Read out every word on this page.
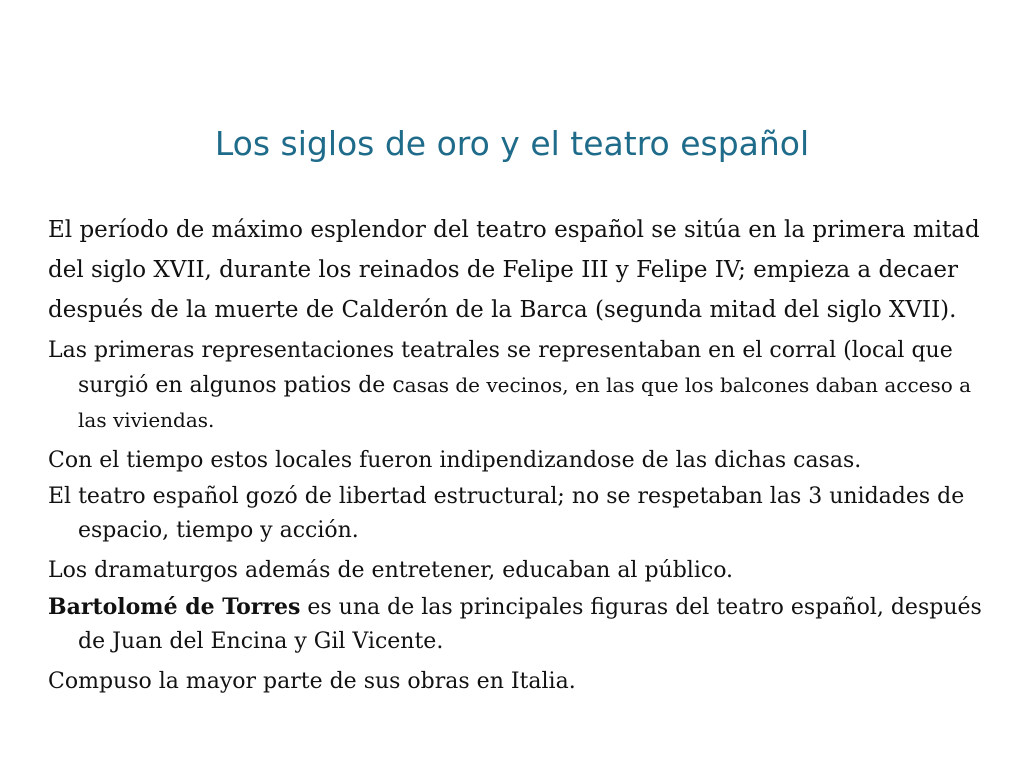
Los siglos de oro y el teatro español

El período de máximo esplendor del teatro español se sitúa en la primera mitad del siglo XVII, durante los reinados de Felipe III y Felipe IV; empieza a decaer después de la muerte de Calderón de la Barca (segunda mitad del siglo XVII).

Las primeras representaciones teatrales se representaban en el corral (local que surgió en algunos patios de casas de vecinos, en las que los balcones daban acceso a las viviendas.

Con el tiempo estos locales fueron indipendizandose de las dichas casas.

El teatro español gozó de libertad estructural; no se respetaban las 3 unidades de espacio, tiempo y acción.

Los dramaturgos además de entretener, educaban al público.

Bartolomé de Torres es una de las principales figuras del teatro español, después de Juan del Encina y Gil Vicente.

Compuso la mayor parte de sus obras en Italia.
